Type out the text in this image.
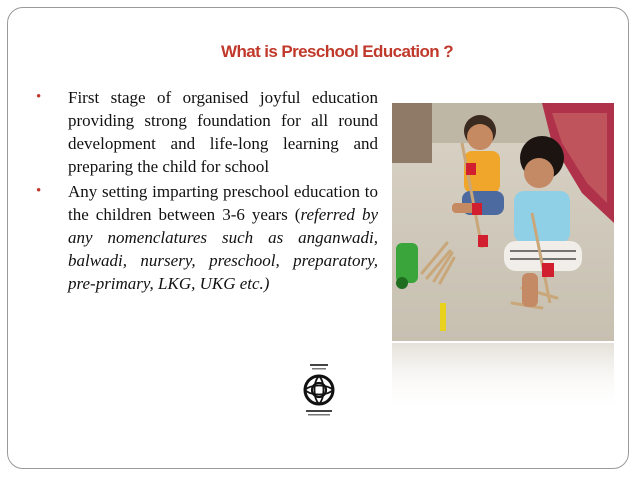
What is Preschool Education ?

• First stage of organised joyful education providing strong foundation for all round development and life-long learning and preparing the child for school

• Any setting imparting preschool education to the children between 3-6 years (referred by any nomenclatures such as anganwadi, balwadi, nursery, preschool, preparatory, pre-primary, LKG, UKG etc.)
